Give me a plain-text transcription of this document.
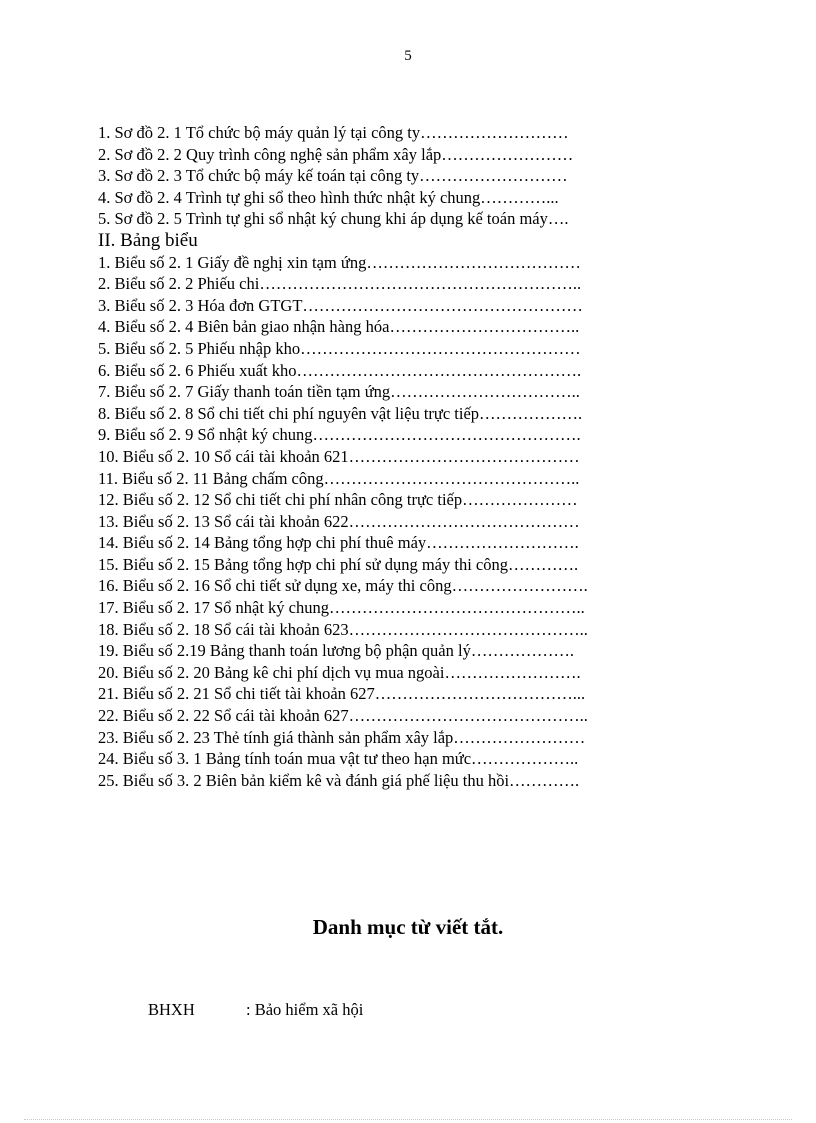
5
1. Sơ đồ 2. 1 Tổ chức bộ máy quản lý tại công ty………………………
2. Sơ đồ 2. 2 Quy trình công nghệ sản phẩm xây lắp……………………
3. Sơ đồ 2. 3 Tổ chức bộ máy kế toán tại công ty………………………
4. Sơ đồ 2. 4 Trình tự ghi sổ theo hình thức nhật ký chung…………...
5. Sơ đồ 2. 5 Trình tự ghi sổ nhật ký chung khi áp dụng kế toán máy….
II. Bảng biểu
1. Biểu số 2. 1 Giấy đề nghị xin tạm ứng…………………………………
2. Biểu số 2. 2 Phiếu chi…………………………………………………..
3. Biểu số 2. 3 Hóa đơn GTGT……………………………………………
4. Biểu số 2. 4 Biên bản giao nhận hàng hóa……………………………..
5. Biểu số 2. 5 Phiếu nhập kho……………………………………………
6. Biểu số 2. 6 Phiếu xuất kho…………………………………………….
7. Biểu số 2. 7 Giấy thanh toán tiền tạm ứng……………………………..
8. Biểu số 2. 8 Sổ chi tiết chi phí nguyên vật liệu trực tiếp……………….
9. Biểu số 2. 9 Sổ nhật ký chung………………………………………….
10. Biểu số 2. 10 Sổ cái tài khoản 621……………………………………
11. Biểu số 2. 11 Bảng chấm công………………………………………..
12. Biểu số 2. 12 Sổ chi tiết chi phí nhân công trực tiếp…………………
13. Biểu số 2. 13 Sổ cái tài khoản 622……………………………………
14. Biểu số 2. 14 Bảng tổng hợp chi phí thuê máy……………………….
15. Biểu số 2. 15 Bảng tổng hợp chi phí sử dụng máy thi công………….
16. Biểu số 2. 16 Sổ chi tiết sử dụng xe, máy thi công…………………….
17. Biểu số 2. 17 Sổ nhật ký chung………………………………………..
18. Biểu số 2. 18 Sổ cái tài khoản 623……………………………………..
19. Biểu số 2.19 Bảng thanh toán lương bộ phận quản lý……………….
20. Biểu số 2. 20 Bảng kê chi phí dịch vụ mua ngoài…………………….
21. Biểu số 2. 21 Sổ chi tiết tài khoản 627………………………………...
22. Biểu số 2. 22 Sổ cái tài khoản 627……………………………………..
23. Biểu số 2. 23 Thẻ tính giá thành sản phẩm xây lắp……………………
24. Biểu số 3. 1 Bảng tính toán mua vật tư theo hạn mức………………..
25. Biểu số 3. 2 Biên bản kiểm kê và đánh giá phế liệu thu hồi………….
Danh mục từ viết tắt.
BHXH	: Bảo hiểm xã hội
